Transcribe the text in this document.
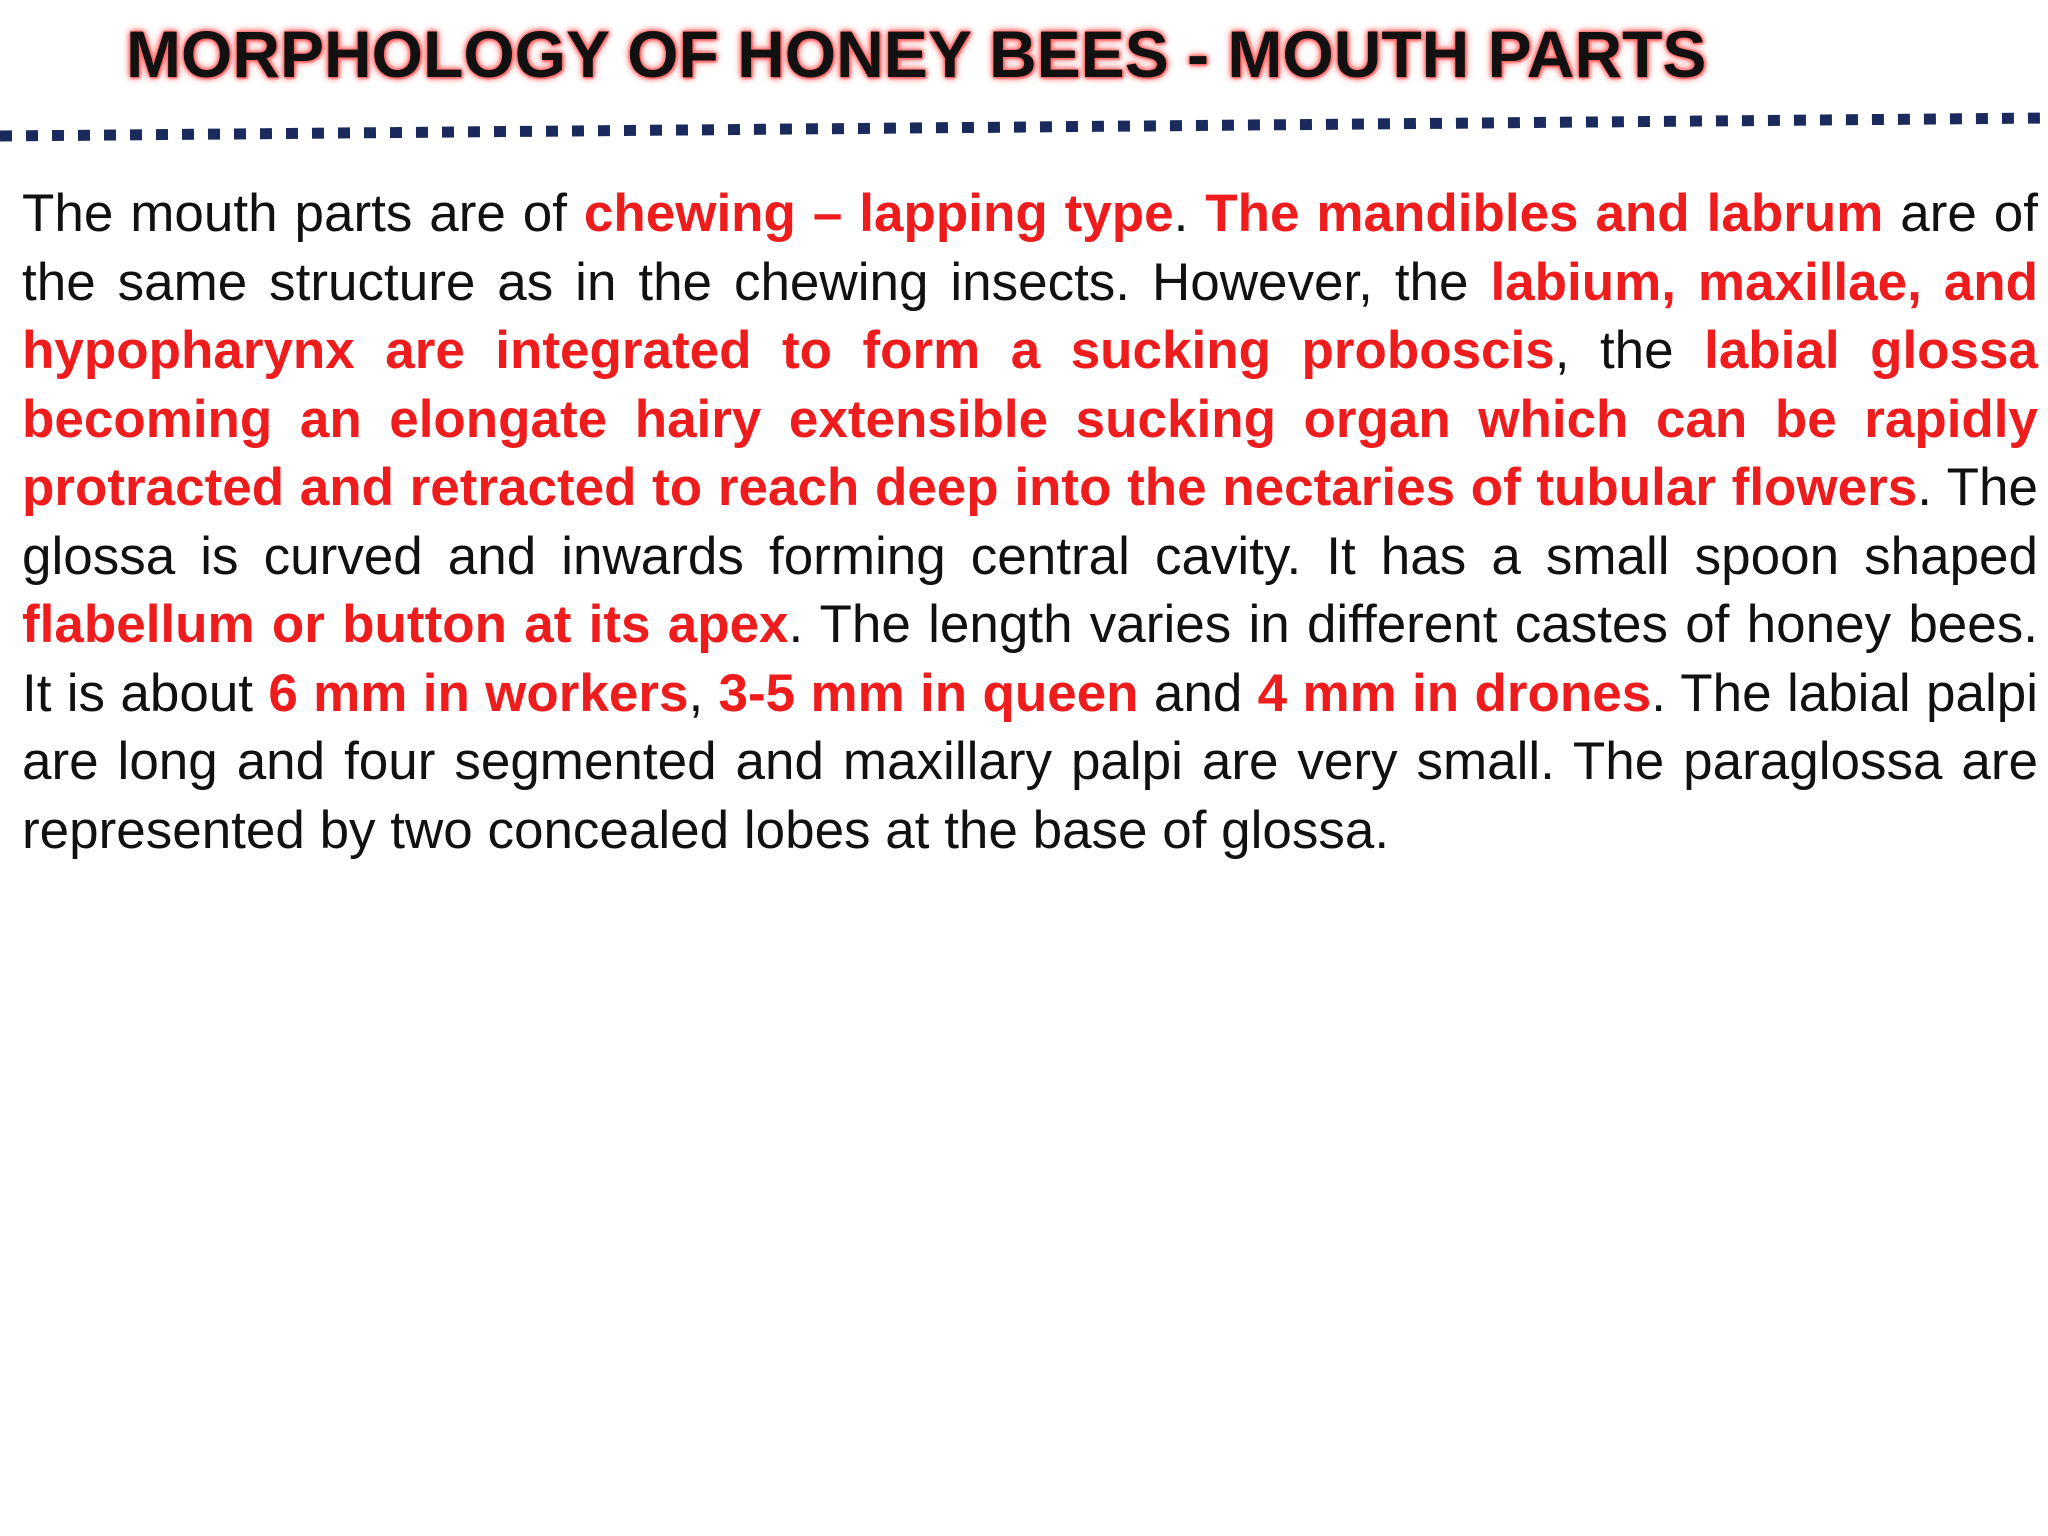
MORPHOLOGY OF HONEY BEES - MOUTH PARTS

The mouth parts are of chewing – lapping type. The mandibles and labrum are of the same structure as in the chewing insects. However, the labium, maxillae, and hypopharynx are integrated to form a sucking proboscis, the labial glossa becoming an elongate hairy extensible sucking organ which can be rapidly protracted and retracted to reach deep into the nectaries of tubular flowers. The glossa is curved and inwards forming central cavity. It has a small spoon shaped flabellum or button at its apex. The length varies in different castes of honey bees. It is about 6 mm in workers, 3-5 mm in queen and 4 mm in drones. The labial palpi are long and four segmented and maxillary palpi are very small. The paraglossa are represented by two concealed lobes at the base of glossa.
